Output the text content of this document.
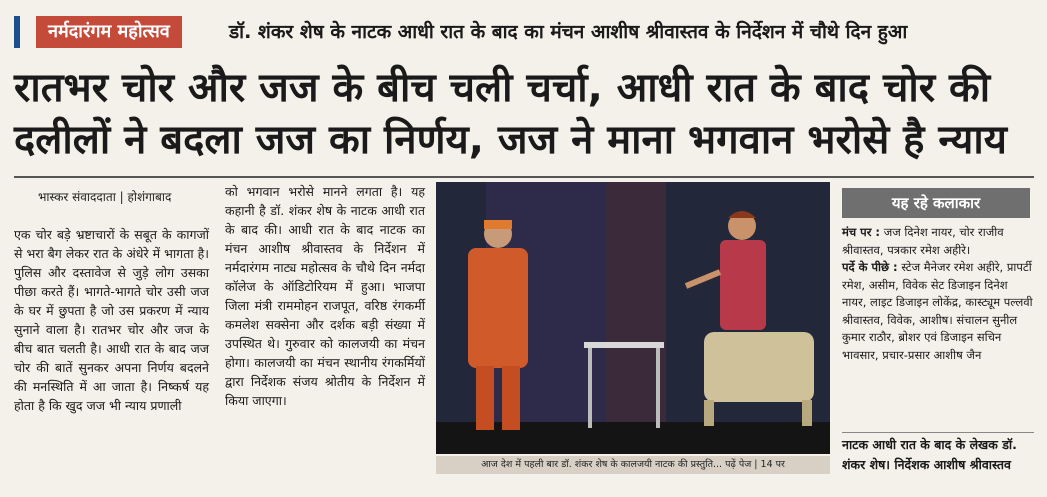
नर्मदारंगम महोत्सव	डॉ. शंकर शेष के नाटक आधी रात के बाद का मंचन आशीष श्रीवास्तव के निर्देशन में चौथे दिन हुआ
रातभर चोर और जज के बीच चली चर्चा, आधी रात के बाद चोर की दलीलों ने बदला जज का निर्णय, जज ने माना भगवान भरोसे है न्याय
भास्कर संवाददाता | होशंगाबाद
एक चोर बड़े भ्रष्टाचारों के सबूत के कागजों से भरा बैग लेकर रात के अंधेरे में भागता है। पुलिस और दस्तावेज से जुड़े लोग उसका पीछा करते हैं। भागते-भागते चोर उसी जज के घर में छुपता है जो उस प्रकरण में न्याय सुनाने वाला है। रातभर चोर और जज के बीच बात चलती है। आधी रात के बाद जज चोर की बातें सुनकर अपना निर्णय बदलने की मनस्थिति में आ जाता है। निष्कर्ष यह होता है कि खुद जज भी न्याय प्रणाली
को भगवान भरोसे मानने लगता है। यह कहानी है डॉ. शंकर शेष के नाटक आधी रात के बाद की। आधी रात के बाद नाटक का मंचन आशीष श्रीवास्तव के निर्देशन में नर्मदारंगम नाट्य महोत्सव के चौथे दिन नर्मदा कॉलेज के ऑडिटोरियम में हुआ। भाजपा जिला मंत्री राममोहन राजपूत, वरिष्ठ रंगकर्मी कमलेश सक्सेना और दर्शक बड़ी संख्या में उपस्थित थे। गुरुवार को कालजयी का मंचन होगा। कालजयी का मंचन स्थानीय रंगकर्मियों द्वारा निर्देशक संजय श्रोतीय के निर्देशन में किया जाएगा।
आज देश में पहली बार डॉ. शंकर शेष के कालजयी नाटक की प्रस्तुति... पढ़ें पेज | 14 पर
यह रहे कलाकार
मंच पर : जज दिनेश नायर, चोर राजीव श्रीवास्तव, पत्रकार रमेश अहीरे।
पर्दे के पीछे : स्टेज मैनेजर रमेश अहीरे, प्रापर्टी रमेश, असीम, विवेक सेट डिजाइन दिनेश नायर, लाइट डिजाइन लोकेंद्र, कास्ट्यूम पल्लवी श्रीवास्तव, विवेक, आशीष। संचालन सुनील कुमार राठौर, ब्रोशर एवं डिजाइन सचिन भावसार, प्रचार-प्रसार आशीष जैन
नाटक आधी रात के बाद के लेखक डॉ. शंकर शेष। निर्देशक आशीष श्रीवास्तव
